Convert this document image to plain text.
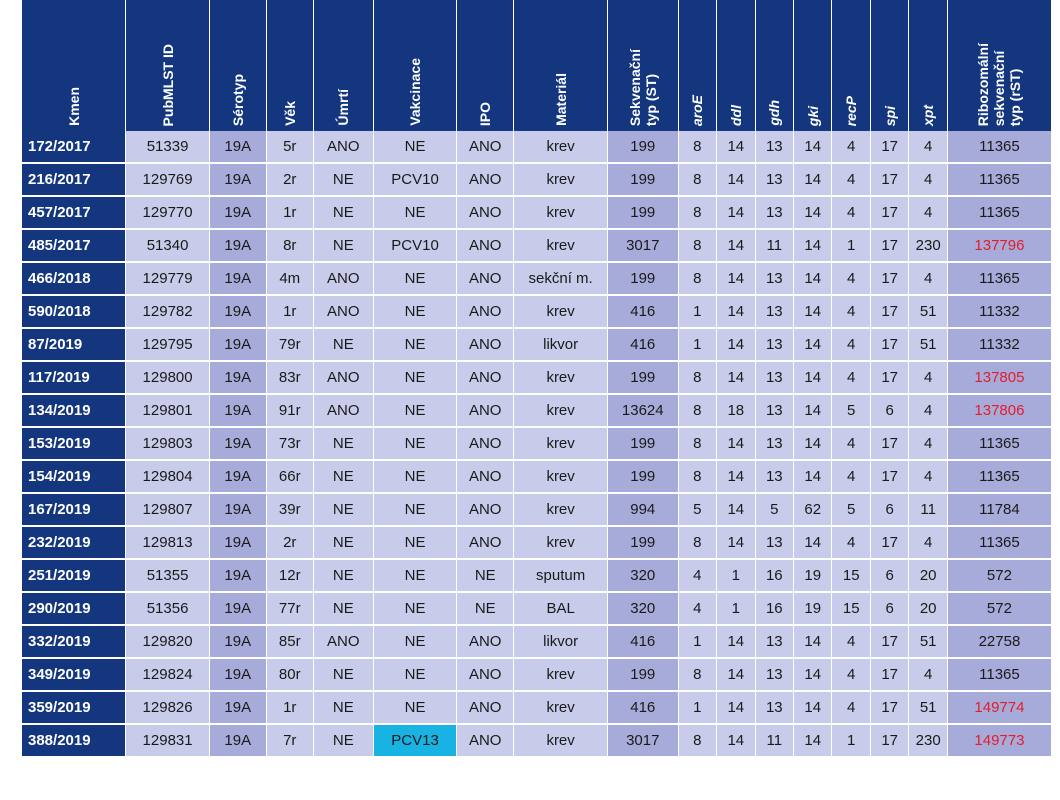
Kmen	PubMLST ID	Sérotyp	Věk	Úmrtí	Vakcinace	IPO	Materiál	Sekvenační
typ (ST)	aroE	ddl	gdh	gki	recP	spi	xpt	Ribozomální
sekvenační
typ (rST)
172/2017	51339	19A	5r	ANO	NE	ANO	krev	199	8	14	13	14	4	17	4	11365
216/2017	129769	19A	2r	NE	PCV10	ANO	krev	199	8	14	13	14	4	17	4	11365
457/2017	129770	19A	1r	NE	NE	ANO	krev	199	8	14	13	14	4	17	4	11365
485/2017	51340	19A	8r	NE	PCV10	ANO	krev	3017	8	14	11	14	1	17	230	137796
466/2018	129779	19A	4m	ANO	NE	ANO	sekční m.	199	8	14	13	14	4	17	4	11365
590/2018	129782	19A	1r	ANO	NE	ANO	krev	416	1	14	13	14	4	17	51	11332
87/2019	129795	19A	79r	NE	NE	ANO	likvor	416	1	14	13	14	4	17	51	11332
117/2019	129800	19A	83r	ANO	NE	ANO	krev	199	8	14	13	14	4	17	4	137805
134/2019	129801	19A	91r	ANO	NE	ANO	krev	13624	8	18	13	14	5	6	4	137806
153/2019	129803	19A	73r	NE	NE	ANO	krev	199	8	14	13	14	4	17	4	11365
154/2019	129804	19A	66r	NE	NE	ANO	krev	199	8	14	13	14	4	17	4	11365
167/2019	129807	19A	39r	NE	NE	ANO	krev	994	5	14	5	62	5	6	11	11784
232/2019	129813	19A	2r	NE	NE	ANO	krev	199	8	14	13	14	4	17	4	11365
251/2019	51355	19A	12r	NE	NE	NE	sputum	320	4	1	16	19	15	6	20	572
290/2019	51356	19A	77r	NE	NE	NE	BAL	320	4	1	16	19	15	6	20	572
332/2019	129820	19A	85r	ANO	NE	ANO	likvor	416	1	14	13	14	4	17	51	22758
349/2019	129824	19A	80r	NE	NE	ANO	krev	199	8	14	13	14	4	17	4	11365
359/2019	129826	19A	1r	NE	NE	ANO	krev	416	1	14	13	14	4	17	51	149774
388/2019	129831	19A	7r	NE	PCV13	ANO	krev	3017	8	14	11	14	1	17	230	149773
